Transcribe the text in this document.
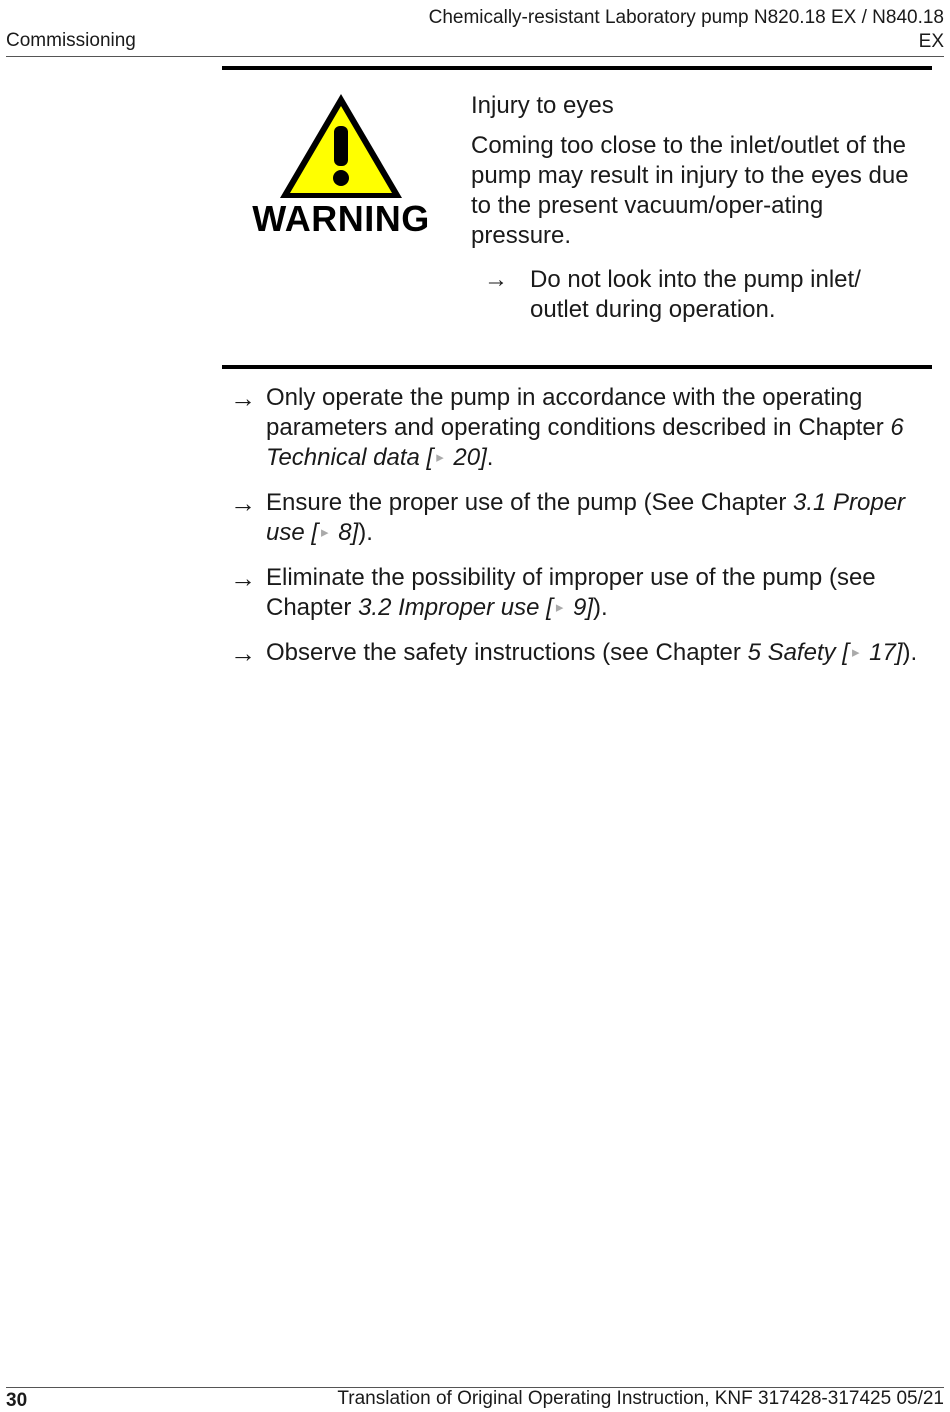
Commissioning
Chemically-resistant Laboratory pump N820.18 EX / N840.18
EX
WARNING
Injury to eyes
Coming too close to the inlet/outlet of the pump may result in injury to the eyes due to the present vacuum/oper-ating pressure.
→ Do not look into the pump inlet/ outlet during operation.
→ Only operate the pump in accordance with the operating parameters and operating conditions described in Chapter 6 Technical data [ ▸ 20].
→ Ensure the proper use of the pump (See Chapter 3.1 Proper use [ ▸ 8]).
→ Eliminate the possibility of improper use of the pump (see Chapter 3.2 Improper use [ ▸ 9]).
→ Observe the safety instructions (see Chapter 5 Safety [ ▸ 17]).
30	Translation of Original Operating Instruction, KNF 317428-317425 05/21
